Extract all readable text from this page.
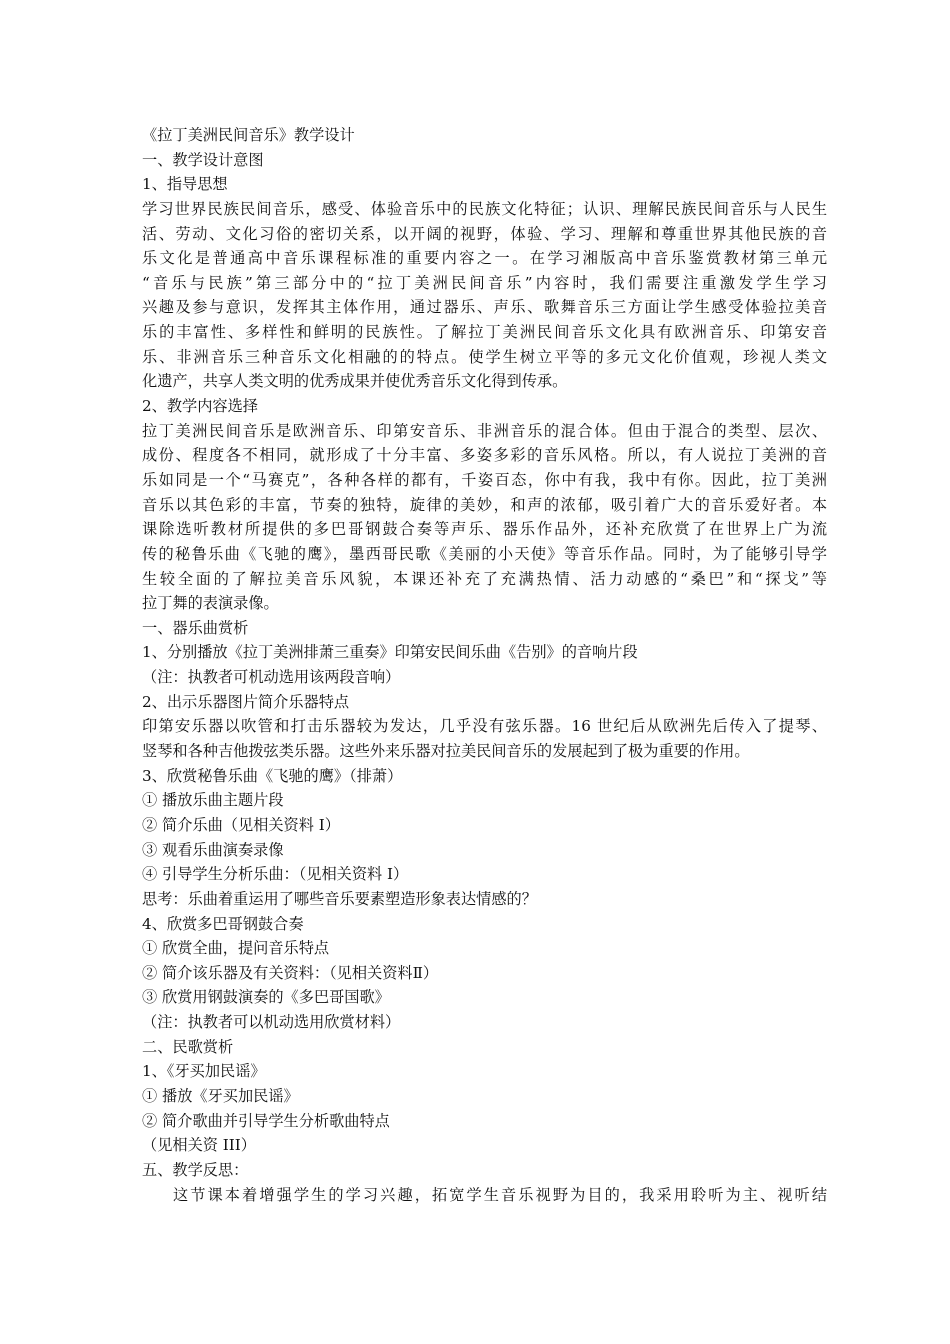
《拉丁美洲民间音乐》教学设计
一、教学设计意图
1、指导思想
学习世界民族民间音乐，感受、体验音乐中的民族文化特征；认识、理解民族民间音乐与人民生
活、劳动、文化习俗的密切关系，以开阔的视野，体验、学习、理解和尊重世界其他民族的音
乐文化是普通高中音乐课程标准的重要内容之一。在学习湘版高中音乐鉴赏教材第三单元
“音乐与民族”第三部分中的“拉丁美洲民间音乐”内容时，我们需要注重激发学生学习
兴趣及参与意识，发挥其主体作用，通过器乐、声乐、歌舞音乐三方面让学生感受体验拉美音
乐的丰富性、多样性和鲜明的民族性。了解拉丁美洲民间音乐文化具有欧洲音乐、印第安音
乐、非洲音乐三种音乐文化相融的的特点。使学生树立平等的多元文化价值观，珍视人类文
化遗产，共享人类文明的优秀成果并使优秀音乐文化得到传承。
2、教学内容选择
拉丁美洲民间音乐是欧洲音乐、印第安音乐、非洲音乐的混合体。但由于混合的类型、层次、
成份、程度各不相同，就形成了十分丰富、多姿多彩的音乐风格。所以，有人说拉丁美洲的音
乐如同是一个“马赛克”，各种各样的都有，千姿百态，你中有我，我中有你。因此，拉丁美洲
音乐以其色彩的丰富，节奏的独特，旋律的美妙，和声的浓郁，吸引着广大的音乐爱好者。本
课除选听教材所提供的多巴哥钢鼓合奏等声乐、器乐作品外，还补充欣赏了在世界上广为流
传的秘鲁乐曲《飞驰的鹰》，墨西哥民歌《美丽的小天使》等音乐作品。同时，为了能够引导学
生较全面的了解拉美音乐风貌，本课还补充了充满热情、活力动感的“桑巴”和“探戈”等
拉丁舞的表演录像。
一、器乐曲赏析
1、分别播放《拉丁美洲排萧三重奏》印第安民间乐曲《告别》的音响片段
（注：执教者可机动选用该两段音响）
2、出示乐器图片简介乐器特点
印第安乐器以吹管和打击乐器较为发达，几乎没有弦乐器。16 世纪后从欧洲先后传入了提琴、
竖琴和各种吉他拨弦类乐器。这些外来乐器对拉美民间音乐的发展起到了极为重要的作用。
3、欣赏秘鲁乐曲《飞驰的鹰》（排萧）
① 播放乐曲主题片段
② 简介乐曲（见相关资料 I）
③ 观看乐曲演奏录像
④ 引导学生分析乐曲：（见相关资料 I）
思考：乐曲着重运用了哪些音乐要素塑造形象表达情感的？
4、欣赏多巴哥钢鼓合奏
① 欣赏全曲，提问音乐特点
② 简介该乐器及有关资料：（见相关资料Ⅱ）
③ 欣赏用钢鼓演奏的《多巴哥国歌》
（注：执教者可以机动选用欣赏材料）
二、民歌赏析
1、《牙买加民谣》
① 播放《牙买加民谣》
② 简介歌曲并引导学生分析歌曲特点
（见相关资 III）
五、教学反思：
这节课本着增强学生的学习兴趣，拓宽学生音乐视野为目的，我采用聆听为主、视听结
